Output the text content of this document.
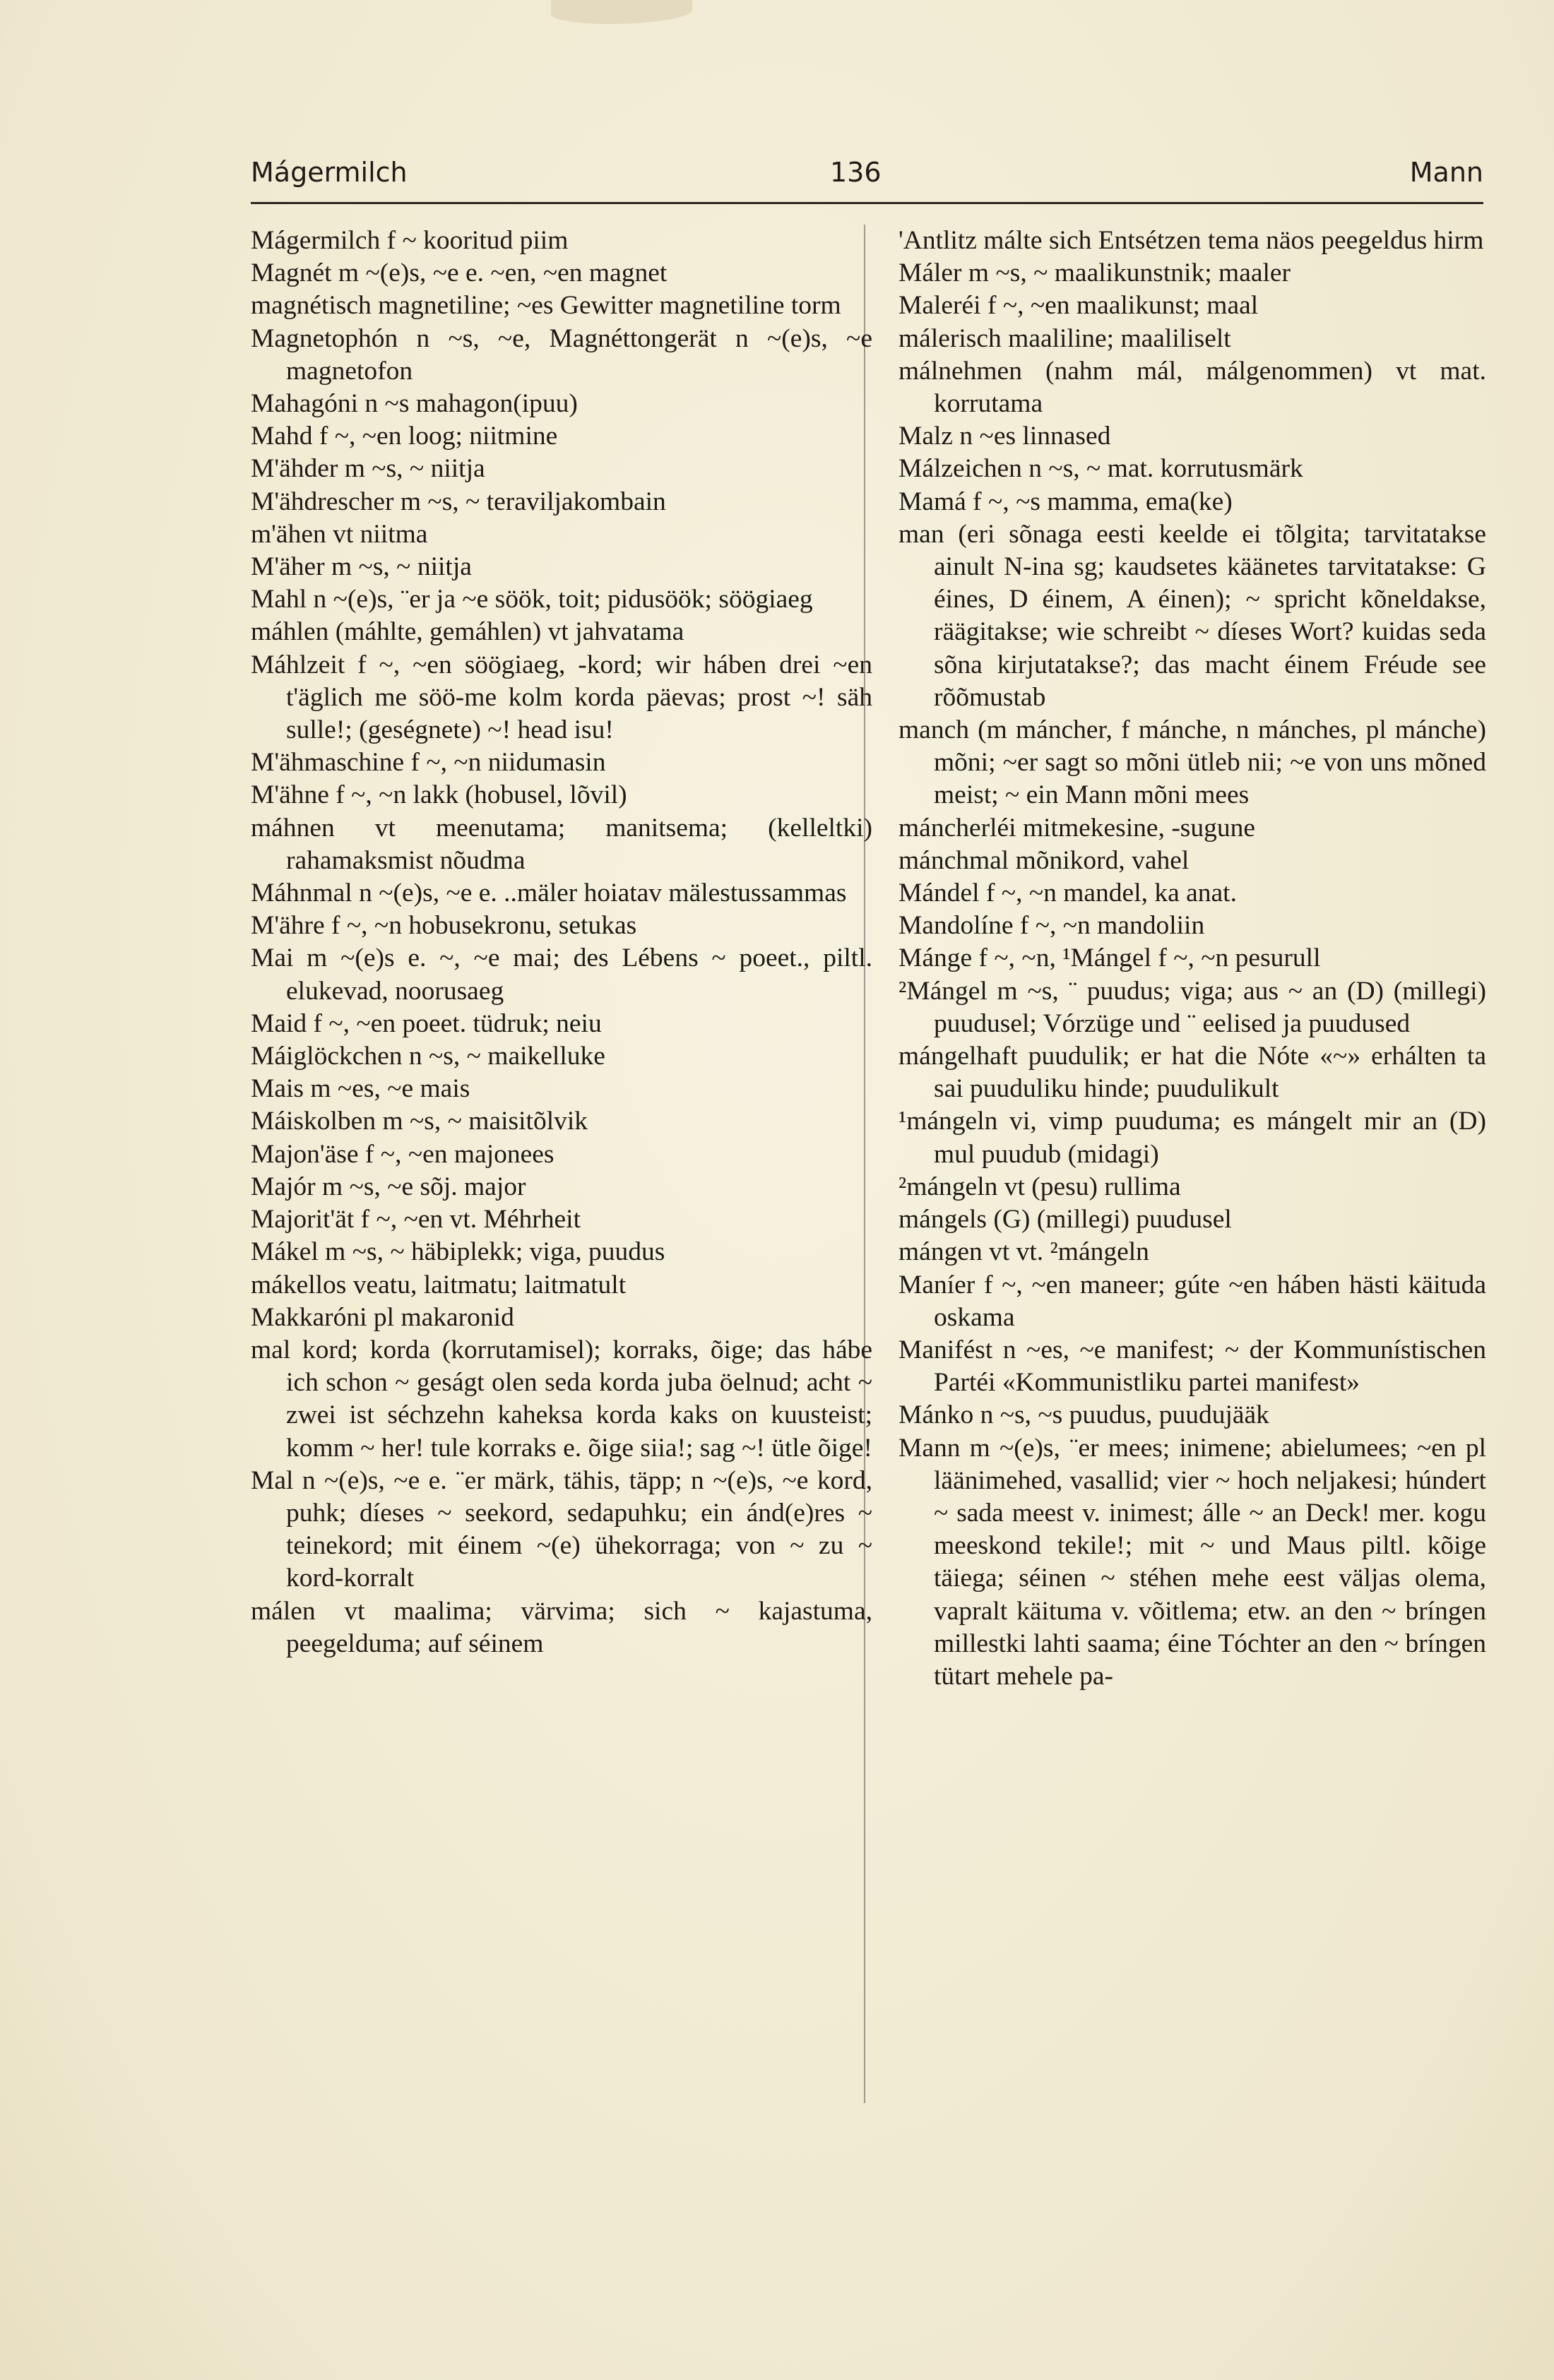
Mágermilch	136	Mann

Mágermilch f ~ kooritud piim

Magnét m ~(e)s, ~e e. ~en, ~en magnet

magnétisch magnetiline; ~es Gewitter magnetiline torm

Magnetophón n ~s, ~e, Magnéttongerät n ~(e)s, ~e magnetofon

Mahagóni n ~s mahagon(ipuu)

Mahd f ~, ~en loog; niitmine

M'ähder m ~s, ~ niitja

M'ähdrescher m ~s, ~ teraviljakombain

m'ähen vt niitma

M'äher m ~s, ~ niitja

Mahl n ~(e)s, ¨er ja ~e söök, toit; pidusöök; söögiaeg

máhlen (máhlte, gemáhlen) vt jahvatama

Máhlzeit f ~, ~en söögiaeg, -kord; wir háben drei ~en t'äglich me söö-me kolm korda päevas; prost ~! säh sulle!; (geségnete) ~! head isu!

M'ähmaschine f ~, ~n niidumasin

M'ähne f ~, ~n lakk (hobusel, lõvil)

máhnen vt meenutama; manitsema; (kelleltki) rahamaksmist nõudma

Máhnmal n ~(e)s, ~e e. ..mäler hoiatav mälestussammas

M'ähre f ~, ~n hobusekronu, setukas

Mai m ~(e)s e. ~, ~e mai; des Lébens ~ poeet., piltl. elukevad, noorusaeg

Maid f ~, ~en poeet. tüdruk; neiu

Máiglöckchen n ~s, ~ maikelluke

Mais m ~es, ~e mais

Máiskolben m ~s, ~ maisitõlvik

Majon'äse f ~, ~en majonees

Majór m ~s, ~e sõj. major

Majorit'ät f ~, ~en vt. Méhrheit

Mákel m ~s, ~ häbiplekk; viga, puudus

mákellos veatu, laitmatu; laitmatult

Makkaróni pl makaronid

mal kord; korda (korrutamisel); korraks, õige; das hábe ich schon ~ geságt olen seda korda juba öelnud; acht ~ zwei ist séchzehn kaheksa korda kaks on kuusteist; komm ~ her! tule korraks e. õige siia!; sag ~! ütle õige!

Mal n ~(e)s, ~e e. ¨er märk, tähis, täpp; n ~(e)s, ~e kord, puhk; díeses ~ seekord, sedapuhku; ein ánd(e)res ~ teinekord; mit éinem ~(e) ühekorraga; von ~ zu ~ kord-korralt

málen vt maalima; värvima; sich ~ kajastuma, peegelduma; auf séinem

'Antlitz málte sich Entsétzen tema näos peegeldus hirm

Máler m ~s, ~ maalikunstnik; maaler

Maleréi f ~, ~en maalikunst; maal

málerisch maaliline; maaliliselt

málnehmen (nahm mál, málgenommen) vt mat. korrutama

Malz n ~es linnased

Málzeichen n ~s, ~ mat. korrutusmärk

Mamá f ~, ~s mamma, ema(ke)

man (eri sõnaga eesti keelde ei tõlgita; tarvitatakse ainult N-ina sg; kaudsetes käänetes tarvitatakse: G éines, D éinem, A éinen); ~ spricht kõneldakse, räägitakse; wie schreibt ~ díeses Wort? kuidas seda sõna kirjutatakse?; das macht éinem Fréude see rõõmustab

manch (m máncher, f mánche, n mánches, pl mánche) mõni; ~er sagt so mõni ütleb nii; ~e von uns mõned meist; ~ ein Mann mõni mees

máncherléi mitmekesine, -sugune

mánchmal mõnikord, vahel

Mándel f ~, ~n mandel, ka anat.

Mandolíne f ~, ~n mandoliin

Mánge f ~, ~n, ¹Mángel f ~, ~n pesurull

²Mángel m ~s, ¨ puudus; viga; aus ~ an (D) (millegi) puudusel; Vórzüge und ¨ eelised ja puudused

mángelhaft puudulik; er hat die Nóte «~» erhálten ta sai puuduliku hinde; puudulikult

¹mángeln vi, vimp puuduma; es mángelt mir an (D) mul puudub (midagi)

²mángeln vt (pesu) rullima

mángels (G) (millegi) puudusel

mángen vt vt. ²mángeln

Maníer f ~, ~en maneer; gúte ~en háben hästi käituda oskama

Manifést n ~es, ~e manifest; ~ der Kommunístischen Partéi «Kommunistliku partei manifest»

Mánko n ~s, ~s puudus, puudujääk

Mann m ~(e)s, ¨er mees; inimene; abielumees; ~en pl läänimehed, vasallid; vier ~ hoch neljakesi; húndert ~ sada meest v. inimest; álle ~ an Deck! mer. kogu meeskond tekile!; mit ~ und Maus piltl. kõige täiega; séinen ~ stéhen mehe eest väljas olema, vapralt käituma v. võitlema; etw. an den ~ bríngen millestki lahti saama; éine Tóchter an den ~ bríngen tütart mehele pa-
